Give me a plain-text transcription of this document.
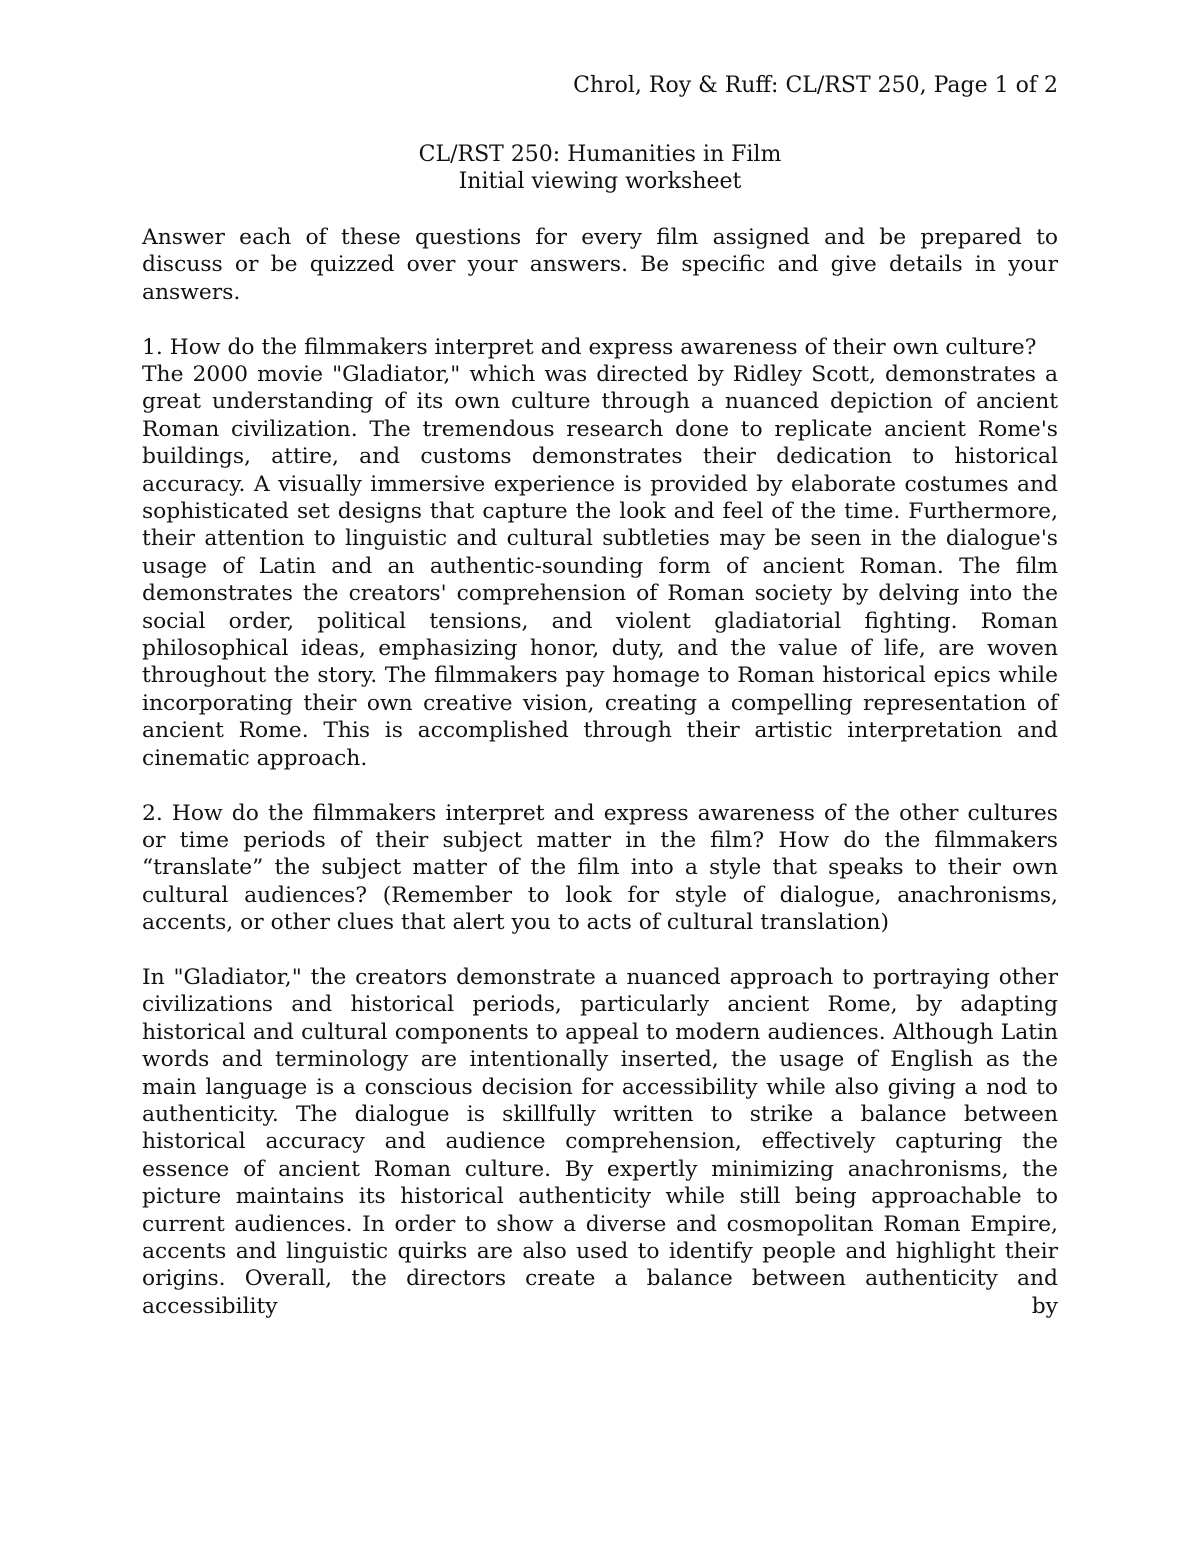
Chrol, Roy & Ruff: CL/RST 250, Page 1 of 2
CL/RST 250: Humanities in Film
Initial viewing worksheet

Answer each of these questions for every film assigned and be prepared to discuss or be quizzed over your answers. Be specific and give details in your answers.

1. How do the filmmakers interpret and express awareness of their own culture?

The 2000 movie "Gladiator," which was directed by Ridley Scott, demonstrates a great understanding of its own culture through a nuanced depiction of ancient Roman civilization. The tremendous research done to replicate ancient Rome's buildings, attire, and customs demonstrates their dedication to historical accuracy. A visually immersive experience is provided by elaborate costumes and sophisticated set designs that capture the look and feel of the time. Furthermore, their attention to linguistic and cultural subtleties may be seen in the dialogue's usage of Latin and an authentic-sounding form of ancient Roman. The film demonstrates the creators' comprehension of Roman society by delving into the social order, political tensions, and violent gladiatorial fighting. Roman philosophical ideas, emphasizing honor, duty, and the value of life, are woven throughout the story. The filmmakers pay homage to Roman historical epics while incorporating their own creative vision, creating a compelling representation of ancient Rome. This is accomplished through their artistic interpretation and cinematic approach.

2. How do the filmmakers interpret and express awareness of the other cultures or time periods of their subject matter in the film? How do the filmmakers “translate” the subject matter of the film into a style that speaks to their own cultural audiences? (Remember to look for style of dialogue, anachronisms, accents, or other clues that alert you to acts of cultural translation)

In "Gladiator," the creators demonstrate a nuanced approach to portraying other civilizations and historical periods, particularly ancient Rome, by adapting historical and cultural components to appeal to modern audiences. Although Latin words and terminology are intentionally inserted, the usage of English as the main language is a conscious decision for accessibility while also giving a nod to authenticity. The dialogue is skillfully written to strike a balance between historical accuracy and audience comprehension, effectively capturing the essence of ancient Roman culture. By expertly minimizing anachronisms, the picture maintains its historical authenticity while still being approachable to current audiences. In order to show a diverse and cosmopolitan Roman Empire, accents and linguistic quirks are also used to identify people and highlight their origins. Overall, the directors create a balance between authenticity and accessibility by
